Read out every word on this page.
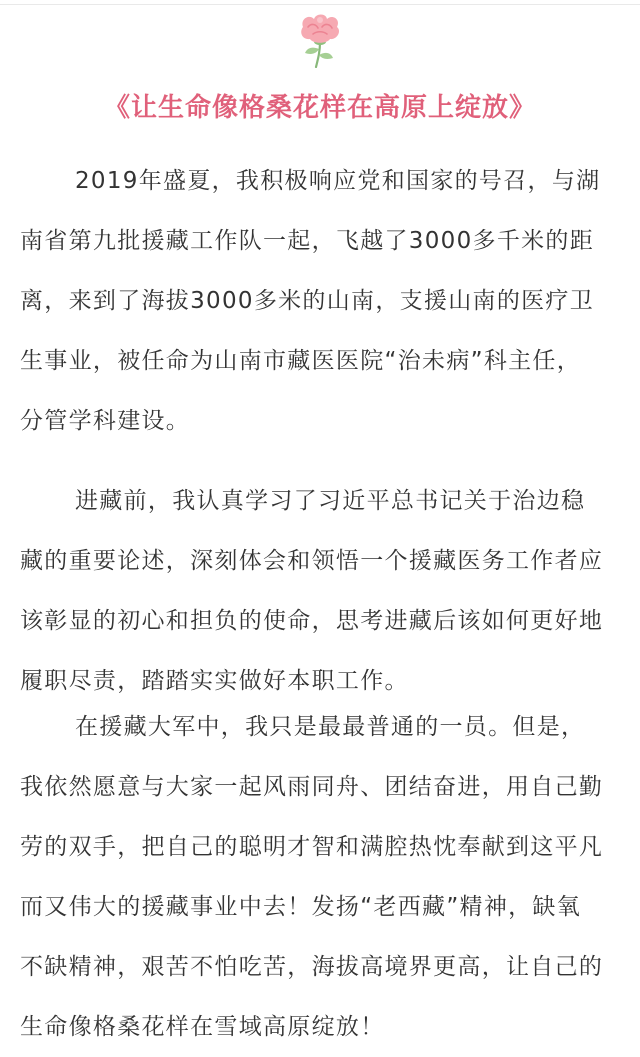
《让生命像格桑花样在高原上绽放》
2019年盛夏，我积极响应党和国家的号召，与湖
南省第九批援藏工作队一起，飞越了3000多千米的距
离，来到了海拔3000多米的山南，支援山南的医疗卫
生事业，被任命为山南市藏医医院“治未病”科主任，
分管学科建设。
进藏前，我认真学习了习近平总书记关于治边稳
藏的重要论述，深刻体会和领悟一个援藏医务工作者应
该彰显的初心和担负的使命，思考进藏后该如何更好地
履职尽责，踏踏实实做好本职工作。
在援藏大军中，我只是最最普通的一员。但是，
我依然愿意与大家一起风雨同舟、团结奋进，用自己勤
劳的双手，把自己的聪明才智和满腔热忱奉献到这平凡
而又伟大的援藏事业中去！发扬“老西藏”精神，缺氧
不缺精神，艰苦不怕吃苦，海拔高境界更高，让自己的
生命像格桑花样在雪域高原绽放！
